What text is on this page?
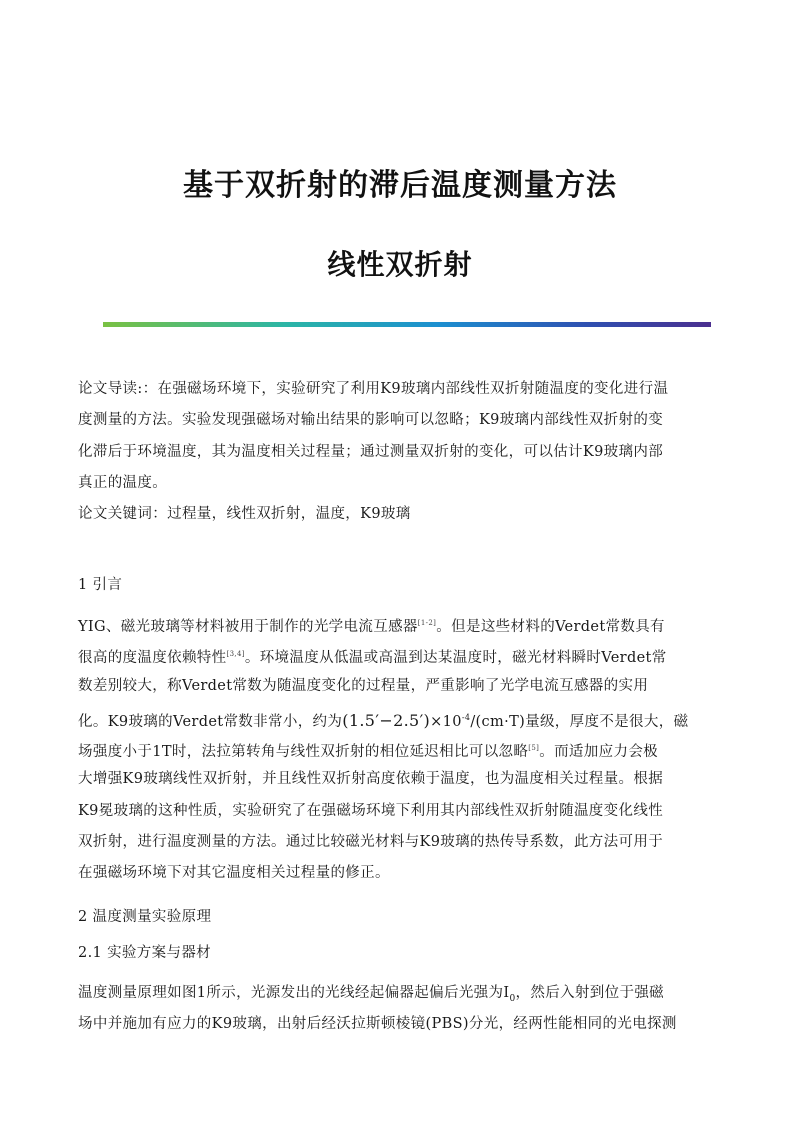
基于双折射的滞后温度测量方法
线性双折射
论文导读:：在强磁场环境下，实验研究了利用K9玻璃内部线性双折射随温度的变化进行温
度测量的方法。实验发现强磁场对输出结果的影响可以忽略；K9玻璃内部线性双折射的变
化滞后于环境温度，其为温度相关过程量；通过测量双折射的变化，可以估计K9玻璃内部
真正的温度。
论文关键词：过程量，线性双折射，温度，K9玻璃
1 引言
YIG、磁光玻璃等材料被用于制作的光学电流互感器[1-2]。但是这些材料的Verdet常数具有
很高的度温度依赖特性[3,4]。环境温度从低温或高温到达某温度时，磁光材料瞬时Verdet常
数差别较大，称Verdet常数为随温度变化的过程量，严重影响了光学电流互感器的实用
化。K9玻璃的Verdet常数非常小，约为$(1.5'-2.5')\times 10^{-4}/(cm\cdot T)$量级，厚度不是很大，磁
场强度小于1T时，法拉第转角与线性双折射的相位延迟相比可以忽略[5]。而适加应力会极
大增强K9玻璃线性双折射，并且线性双折射高度依赖于温度，也为温度相关过程量。根据
K9冕玻璃的这种性质，实验研究了在强磁场环境下利用其内部线性双折射随温度变化线性
双折射，进行温度测量的方法。通过比较磁光材料与K9玻璃的热传导系数，此方法可用于
在强磁场环境下对其它温度相关过程量的修正。
2 温度测量实验原理
2.1 实验方案与器材
温度测量原理如图1所示，光源发出的光线经起偏器起偏后光强为$I_0$，然后入射到位于强磁
场中并施加有应力的K9玻璃，出射后经沃拉斯顿棱镜(PBS)分光，经两性能相同的光电探测
